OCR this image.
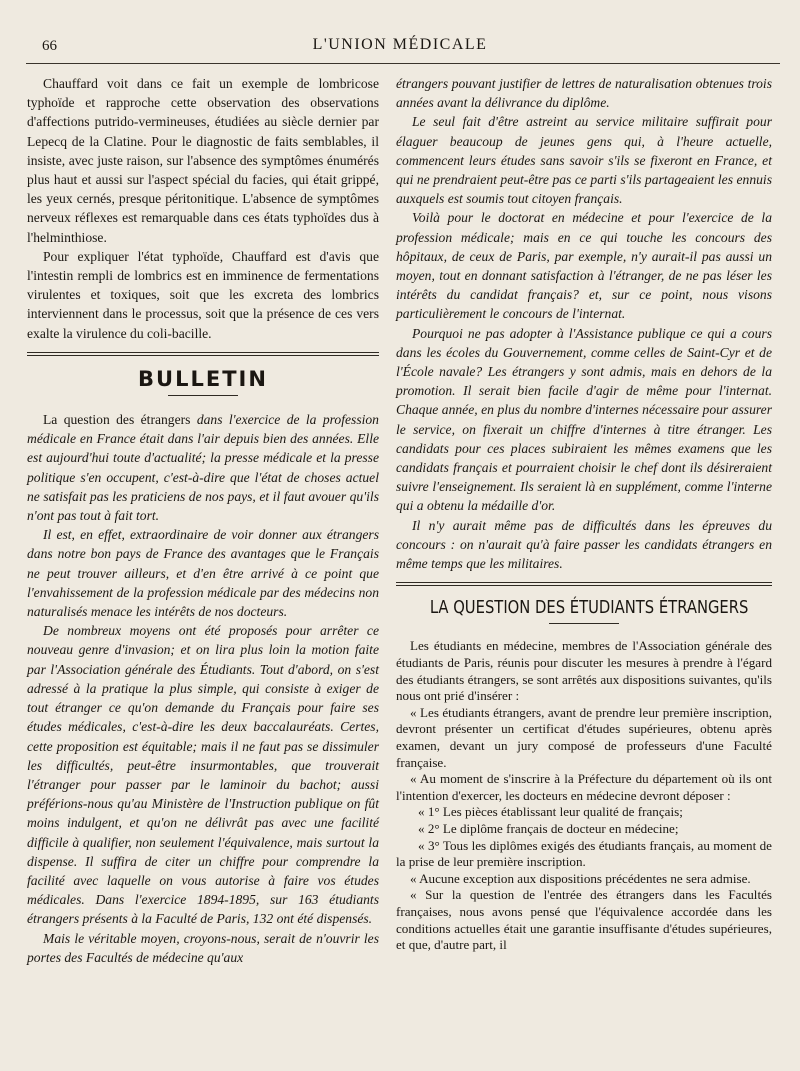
66	L'UNION MÉDICALE

Chauffard voit dans ce fait un exemple de lombricose typhoïde et rapproche cette observation des observations d'affections putrido-vermineuses, étudiées au siècle dernier par Lepecq de la Clatine. Pour le diagnostic de faits semblables, il insiste, avec juste raison, sur l'absence des symptômes énumérés plus haut et aussi sur l'aspect spécial du facies, qui était grippé, les yeux cernés, presque péritonitique. L'absence de symptômes nerveux réflexes est remarquable dans ces états typhoïdes dus à l'helminthiose.

Pour expliquer l'état typhoïde, Chauffard est d'avis que l'intestin rempli de lombrics est en imminence de fermentations virulentes et toxiques, soit que les excreta des lombrics interviennent dans le processus, soit que la présence de ces vers exalte la virulence du coli-bacille.

BULLETIN

La question des étrangers dans l'exercice de la profession médicale en France était dans l'air depuis bien des années. Elle est aujourd'hui toute d'actualité; la presse médicale et la presse politique s'en occupent, c'est-à-dire que l'état de choses actuel ne satisfait pas les praticiens de nos pays, et il faut avouer qu'ils n'ont pas tout à fait tort.

Il est, en effet, extraordinaire de voir donner aux étrangers dans notre bon pays de France des avantages que le Français ne peut trouver ailleurs, et d'en être arrivé à ce point que l'envahissement de la profession médicale par des médecins non naturalisés menace les intérêts de nos docteurs.

De nombreux moyens ont été proposés pour arrêter ce nouveau genre d'invasion; et on lira plus loin la motion faite par l'Association générale des Étudiants. Tout d'abord, on s'est adressé à la pratique la plus simple, qui consiste à exiger de tout étranger ce qu'on demande du Français pour faire ses études médicales, c'est-à-dire les deux baccalauréats. Certes, cette proposition est équitable; mais il ne faut pas se dissimuler les difficultés, peut-être insurmontables, que trouverait l'étranger pour passer par le laminoir du bachot; aussi préférions-nous qu'au Ministère de l'Instruction publique on fût moins indulgent, et qu'on ne délivrât pas avec une facilité difficile à qualifier, non seulement l'équivalence, mais surtout la dispense. Il suffira de citer un chiffre pour comprendre la facilité avec laquelle on vous autorise à faire vos études médicales. Dans l'exercice 1894-1895, sur 163 étudiants étrangers présents à la Faculté de Paris, 132 ont été dispensés.

Mais le véritable moyen, croyons-nous, serait de n'ouvrir les portes des Facultés de médecine qu'aux

étrangers pouvant justifier de lettres de naturalisation obtenues trois années avant la délivrance du diplôme.

Le seul fait d'être astreint au service militaire suffirait pour élaguer beaucoup de jeunes gens qui, à l'heure actuelle, commencent leurs études sans savoir s'ils se fixeront en France, et qui ne prendraient peut-être pas ce parti s'ils partageaient les ennuis auxquels est soumis tout citoyen français.

Voilà pour le doctorat en médecine et pour l'exercice de la profession médicale; mais en ce qui touche les concours des hôpitaux, de ceux de Paris, par exemple, n'y aurait-il pas aussi un moyen, tout en donnant satisfaction à l'étranger, de ne pas léser les intérêts du candidat français? et, sur ce point, nous visons particulièrement le concours de l'internat.

Pourquoi ne pas adopter à l'Assistance publique ce qui a cours dans les écoles du Gouvernement, comme celles de Saint-Cyr et de l'École navale? Les étrangers y sont admis, mais en dehors de la promotion. Il serait bien facile d'agir de même pour l'internat. Chaque année, en plus du nombre d'internes nécessaire pour assurer le service, on fixerait un chiffre d'internes à titre étranger. Les candidats pour ces places subiraient les mêmes examens que les candidats français et pourraient choisir le chef dont ils désireraient suivre l'enseignement. Ils seraient là en supplément, comme l'interne qui a obtenu la médaille d'or.

Il n'y aurait même pas de difficultés dans les épreuves du concours : on n'aurait qu'à faire passer les candidats étrangers en même temps que les militaires.

LA QUESTION DES ÉTUDIANTS ÉTRANGERS

Les étudiants en médecine, membres de l'Association générale des étudiants de Paris, réunis pour discuter les mesures à prendre à l'égard des étudiants étrangers, se sont arrêtés aux dispositions suivantes, qu'ils nous ont prié d'insérer :

« Les étudiants étrangers, avant de prendre leur première inscription, devront présenter un certificat d'études supérieures, obtenu après examen, devant un jury composé de professeurs d'une Faculté française.

« Au moment de s'inscrire à la Préfecture du département où ils ont l'intention d'exercer, les docteurs en médecine devront déposer :

« 1° Les pièces établissant leur qualité de français;

« 2° Le diplôme français de docteur en médecine;

« 3° Tous les diplômes exigés des étudiants français, au moment de la prise de leur première inscription.

« Aucune exception aux dispositions précédentes ne sera admise.

« Sur la question de l'entrée des étrangers dans les Facultés françaises, nous avons pensé que l'équivalence accordée dans les conditions actuelles était une garantie insuffisante d'études supérieures, et que, d'autre part, il
